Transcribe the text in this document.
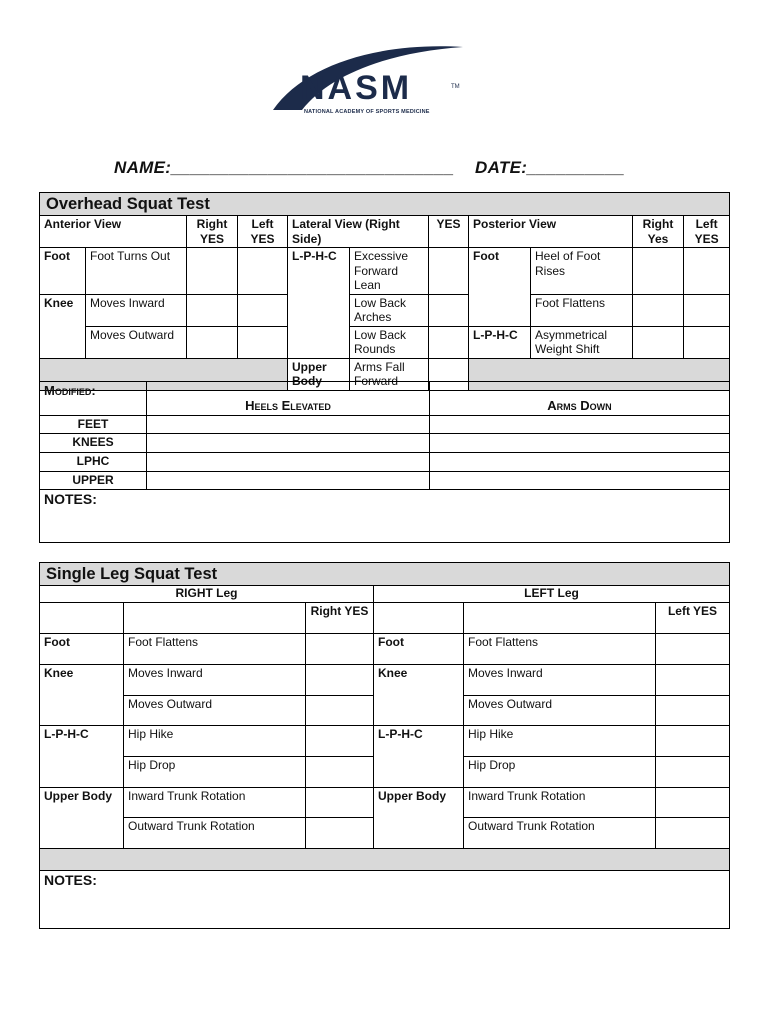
NASM	TM
NATIONAL ACADEMY OF SPORTS MEDICINE
NAME:_____________________________ DATE:__________
Overhead Squat Test										
Anterior View		Right YES	Left YES	Lateral View (Right Side)		YES	Posterior View		Right Yes	Left YES
Foot	Foot Turns Out			L-P-H-C	Excessive Forward Lean		Foot	Heel of Foot Rises		
Knee	Moves Inward				Low Back Arches			Foot Flattens		
	Moves Outward				Low Back Rounds		L-P-H-C	Asymmetrical Weight Shift		
				Upper Body	Arms Fall Forward					
Modified:	Heels Elevated	Arms Down
FEET		
KNEES		
LPHC		
UPPER		
NOTES:		
Single Leg Squat Test					
RIGHT Leg			LEFT Leg		
		Right YES			Left YES
Foot	Foot Flattens		Foot	Foot Flattens	
Knee	Moves Inward		Knee	Moves Inward	
	Moves Outward			Moves Outward	
L-P-H-C	Hip Hike		L-P-H-C	Hip Hike	
	Hip Drop			Hip Drop	
Upper Body	Inward Trunk Rotation		Upper Body	Inward Trunk Rotation	
	Outward Trunk Rotation			Outward Trunk Rotation	

NOTES:					
